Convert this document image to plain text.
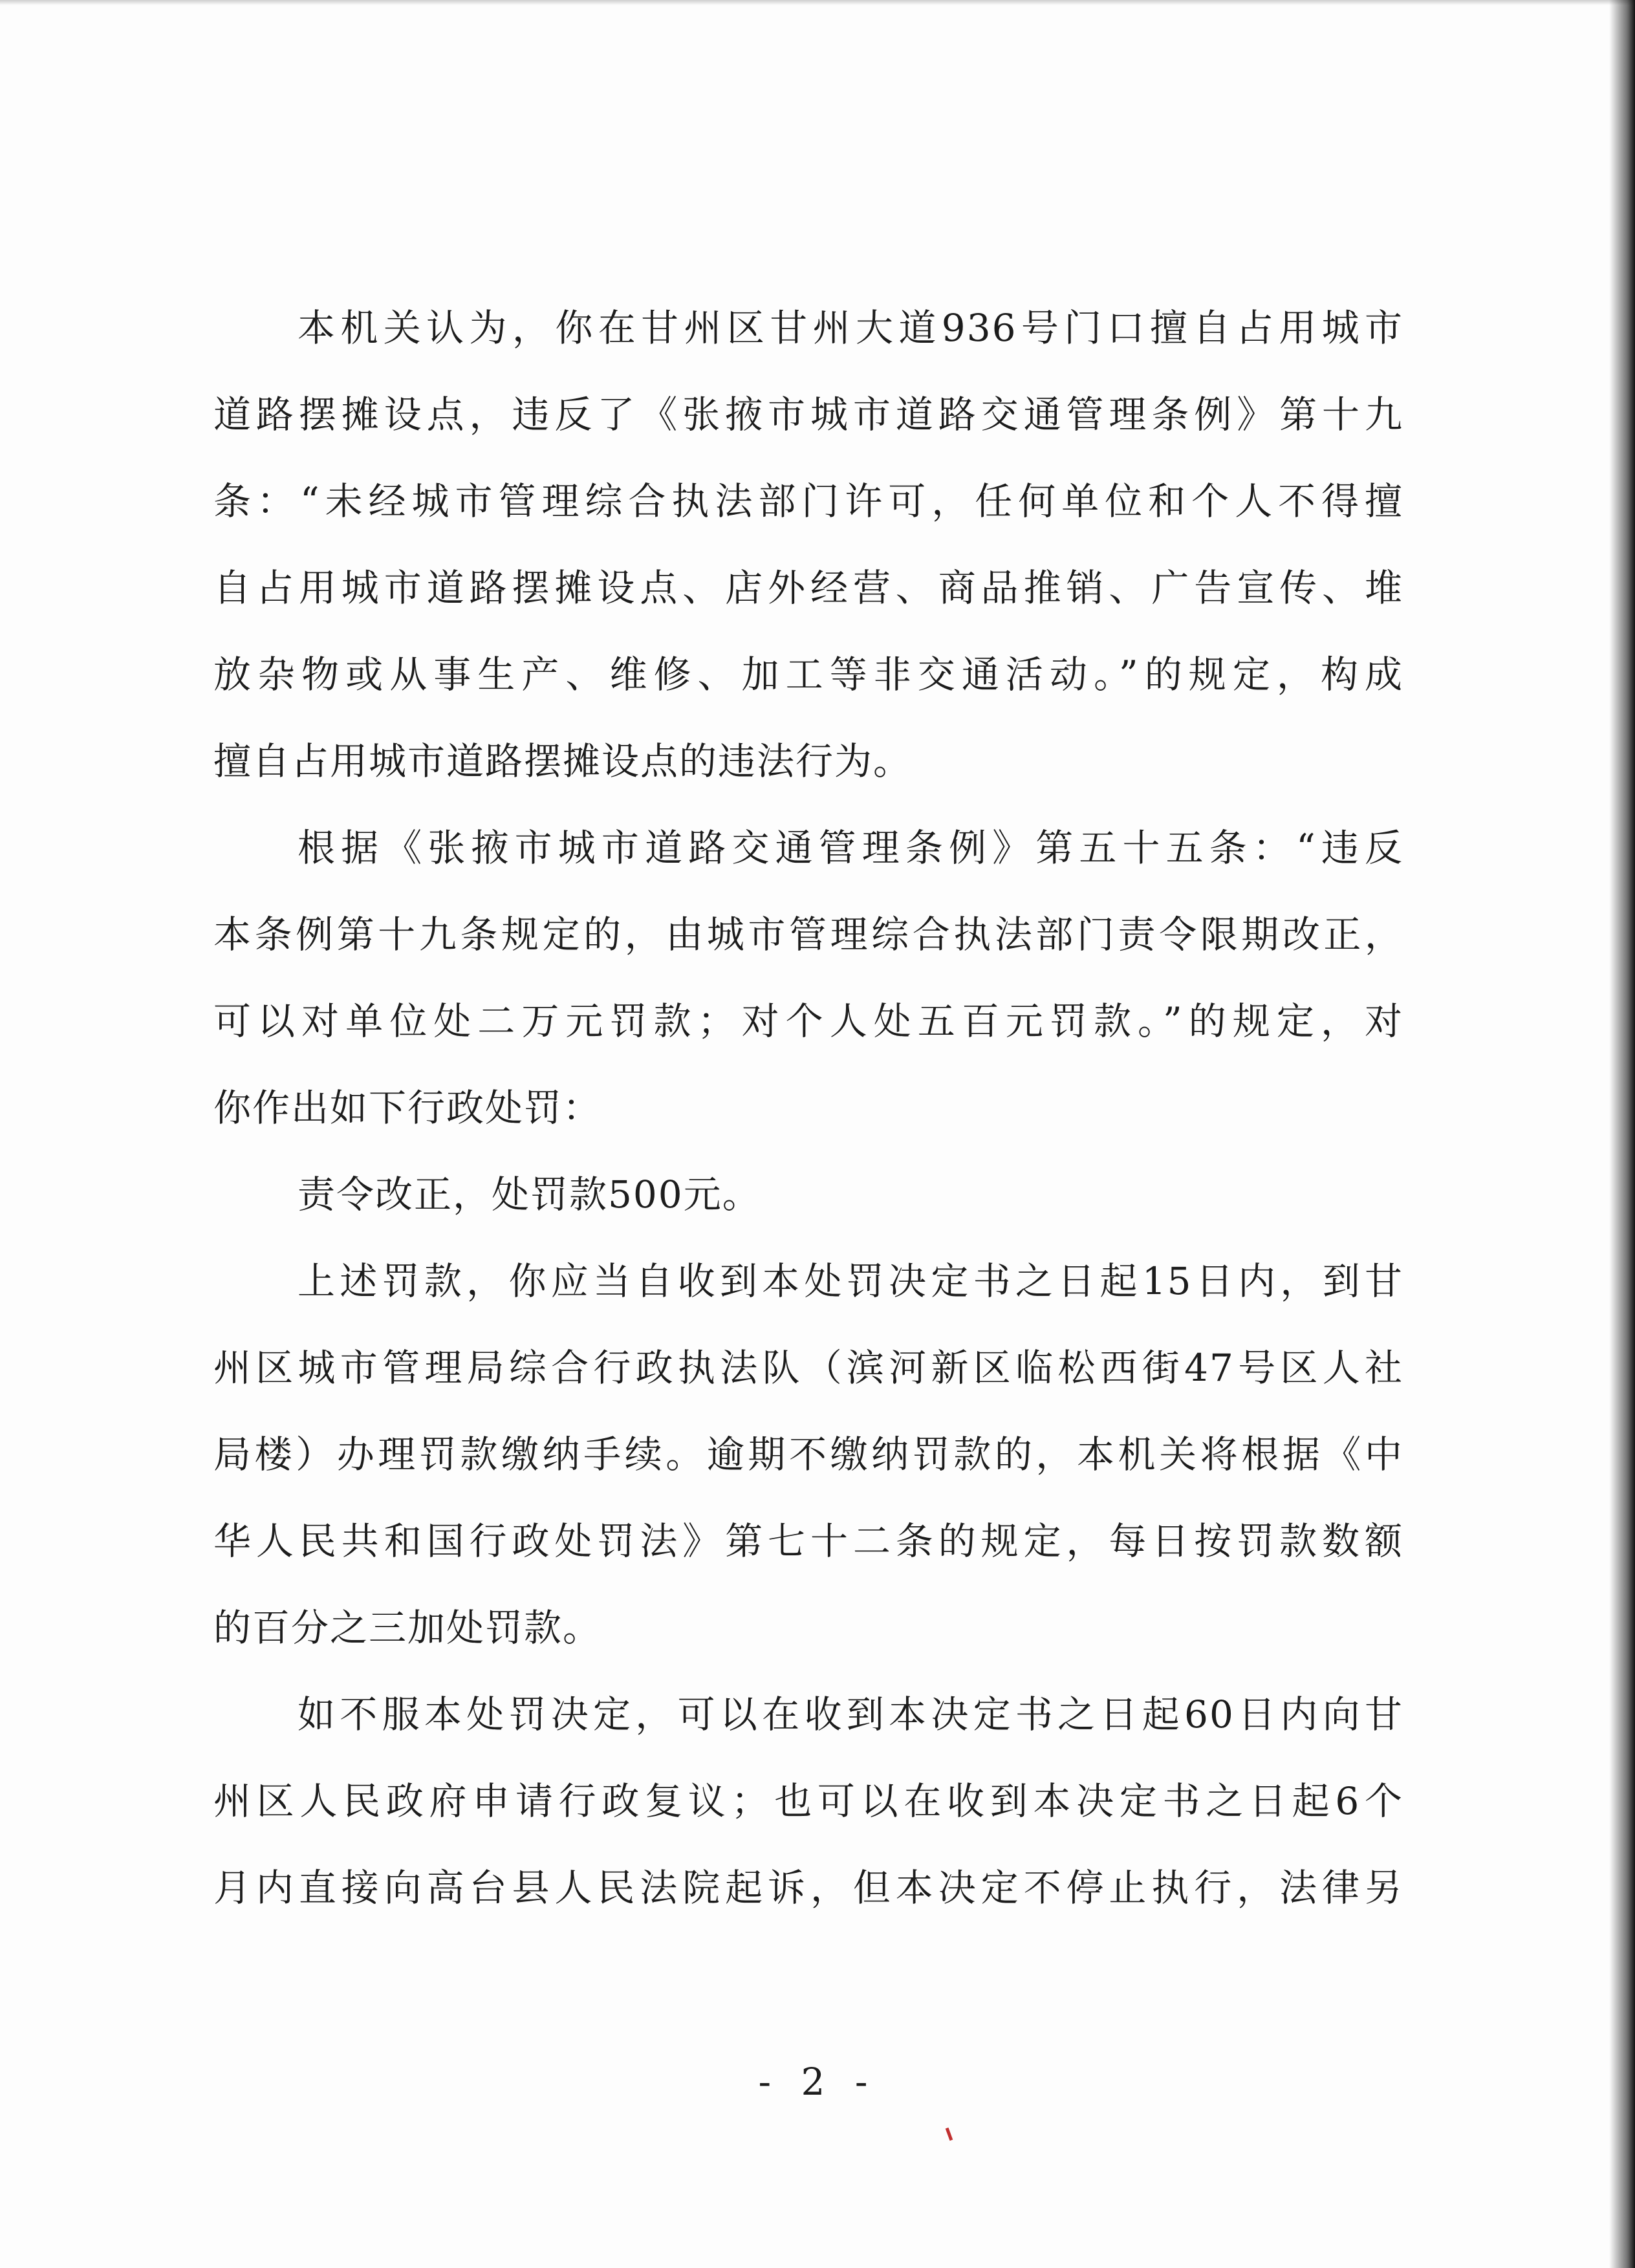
本机关认为，你在甘州区甘州大道936号门口擅自占用城市
道路摆摊设点，违反了《张掖市城市道路交通管理条例》第十九
条：“未经城市管理综合执法部门许可，任何单位和个人不得擅
自占用城市道路摆摊设点、店外经营、商品推销、广告宣传、堆
放杂物或从事生产、维修、加工等非交通活动。”的规定，构成
擅自占用城市道路摆摊设点的违法行为。
根据《张掖市城市道路交通管理条例》第五十五条：“违反
本条例第十九条规定的，由城市管理综合执法部门责令限期改正，
可以对单位处二万元罚款；对个人处五百元罚款。”的规定，对
你作出如下行政处罚：
责令改正，处罚款500元。
上述罚款，你应当自收到本处罚决定书之日起15日内，到甘
州区城市管理局综合行政执法队（滨河新区临松西街47号区人社
局楼）办理罚款缴纳手续。逾期不缴纳罚款的，本机关将根据《中
华人民共和国行政处罚法》第七十二条的规定，每日按罚款数额
的百分之三加处罚款。
如不服本处罚决定，可以在收到本决定书之日起60日内向甘
州区人民政府申请行政复议；也可以在收到本决定书之日起6个
月内直接向高台县人民法院起诉，但本决定不停止执行，法律另
- 2 -
